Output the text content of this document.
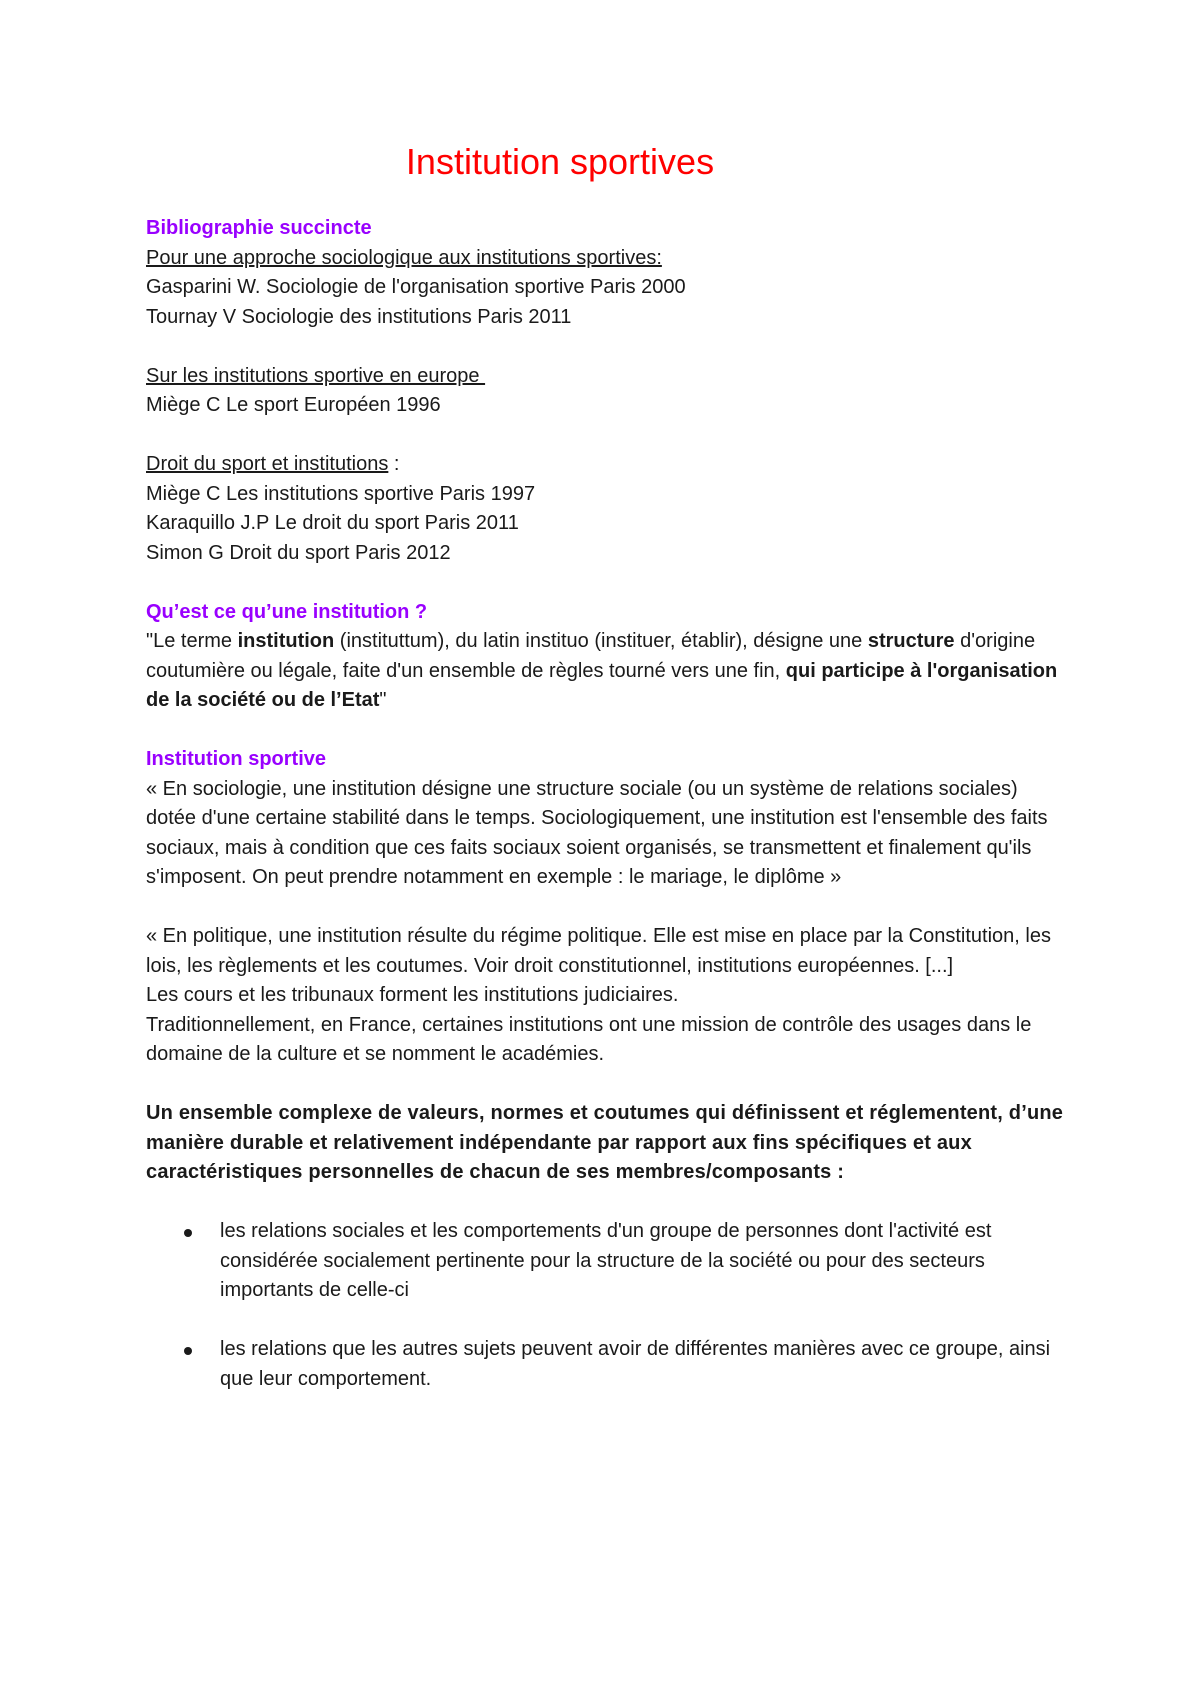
Institution sportives

Bibliographie succincte

Pour une approche sociologique aux institutions sportives:

Gasparini W. Sociologie de l'organisation sportive Paris 2000

Tournay V Sociologie des institutions Paris 2011

Sur les institutions sportive en europe

Miège C Le sport Européen 1996

Droit du sport et institutions :

Miège C Les institutions sportive Paris 1997

Karaquillo J.P Le droit du sport Paris 2011

Simon G Droit du sport Paris 2012

Qu’est ce qu’une institution ?

"Le terme institution (instituttum), du latin instituo (instituer, établir), désigne une structure d'origine coutumière ou légale, faite d'un ensemble de règles tourné vers une fin, qui participe à l'organisation de la société ou de l’Etat"

Institution sportive

« En sociologie, une institution désigne une structure sociale (ou un système de relations sociales) dotée d'une certaine stabilité dans le temps. Sociologiquement, une institution est l'ensemble des faits sociaux, mais à condition que ces faits sociaux soient organisés, se transmettent et finalement qu'ils s'imposent. On peut prendre notamment en exemple : le mariage, le diplôme »

« En politique, une institution résulte du régime politique. Elle est mise en place par la Constitution, les lois, les règlements et les coutumes. Voir droit constitutionnel, institutions européennes. [...]

Les cours et les tribunaux forment les institutions judiciaires.

Traditionnellement, en France, certaines institutions ont une mission de contrôle des usages dans le domaine de la culture et se nomment le académies.

Un ensemble complexe de valeurs, normes et coutumes qui définissent et réglementent, d’une manière durable et relativement indépendante par rapport aux fins spécifiques et aux caractéristiques personnelles de chacun de ses membres/composants :

les relations sociales et les comportements d'un groupe de personnes dont l'activité est considérée socialement pertinente pour la structure de la société ou pour des secteurs importants de celle-ci
les relations que les autres sujets peuvent avoir de différentes manières avec ce groupe, ainsi que leur comportement.
